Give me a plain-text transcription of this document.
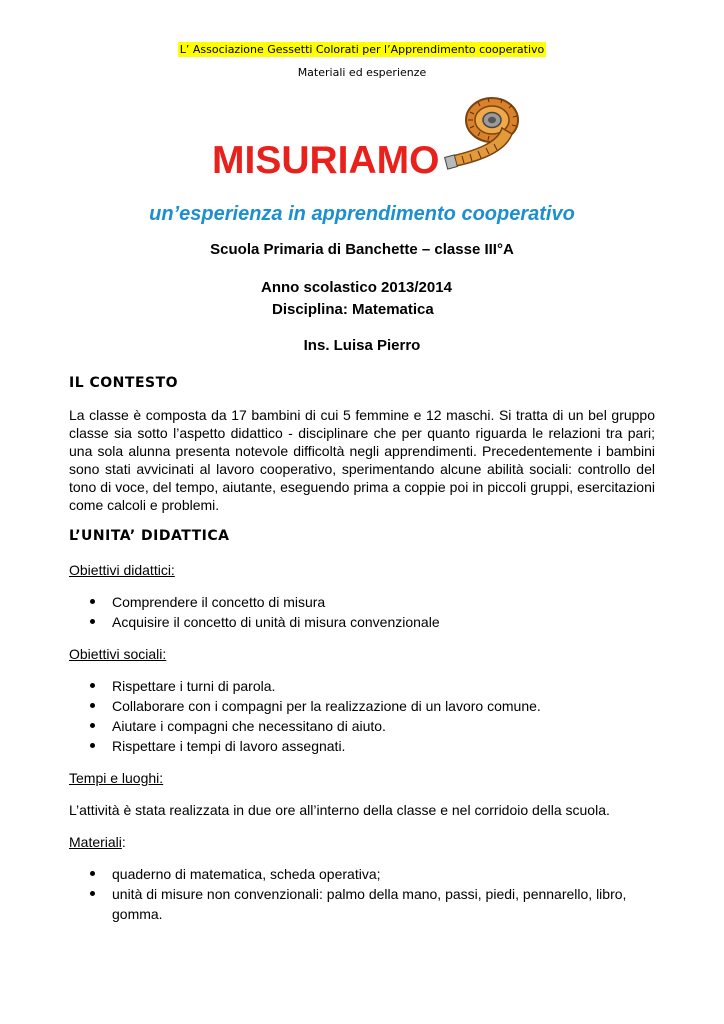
L’ Associazione Gessetti Colorati per l’Apprendimento cooperativo
Materiali ed esperienze
MISURIAMO
un’esperienza in apprendimento cooperativo
Scuola Primaria di Banchette – classe III°A
Anno scolastico 2013/2014
Disciplina: Matematica
Ins. Luisa Pierro
IL CONTESTO
La classe è composta da 17 bambini di cui 5 femmine e 12 maschi. Si tratta di un bel gruppo classe sia sotto l’aspetto didattico - disciplinare che per quanto riguarda le relazioni tra pari; una sola alunna presenta notevole difficoltà negli apprendimenti. Precedentemente i bambini sono stati avvicinati al lavoro cooperativo, sperimentando alcune abilità sociali: controllo del tono di voce, del tempo, aiutante, eseguendo prima a coppie poi in piccoli gruppi, esercitazioni come calcoli e problemi.
L’UNITA’ DIDATTICA
Obiettivi didattici:
Comprendere il concetto di misura
Acquisire il concetto di unità di misura convenzionale
Obiettivi sociali:
Rispettare i turni di parola.
Collaborare con i compagni per la realizzazione di un lavoro comune.
Aiutare i compagni che necessitano di aiuto.
Rispettare i tempi di lavoro assegnati.
Tempi e luoghi:
L’attività è stata realizzata in due ore all’interno della classe e nel corridoio della scuola.
Materiali:
quaderno di matematica, scheda operativa;
unità di misure non convenzionali: palmo della mano, passi, piedi, pennarello, libro, gomma.
